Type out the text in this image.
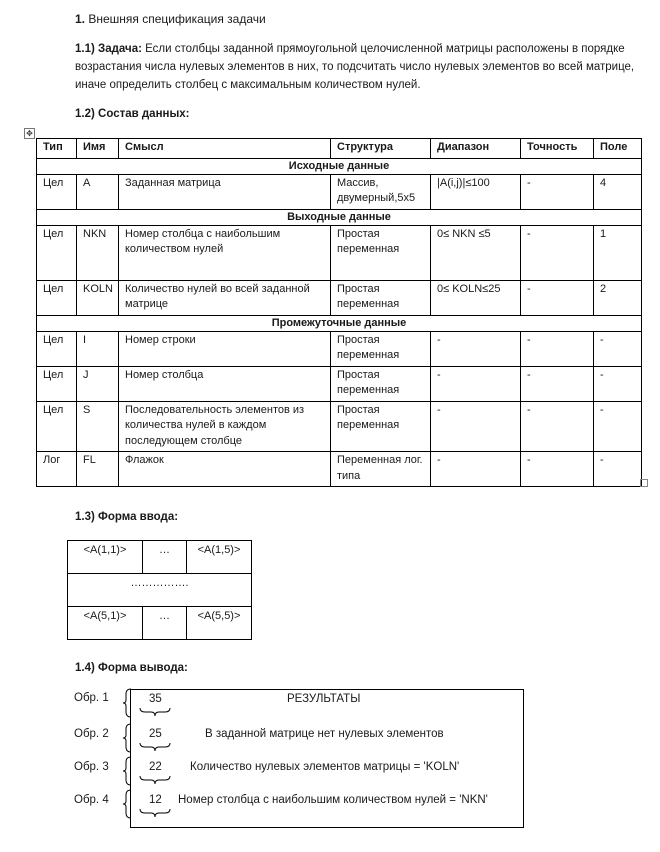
1. Внешняя спецификация задачи
1.1) Задача: Если столбцы заданной прямоугольной целочисленной матрицы расположены в порядке возрастания числа нулевых элементов в них, то подсчитать число нулевых элементов во всей матрице, иначе определить столбец с максимальным количеством нулей.
1.2) Состав данных:
✥
Тип	Имя	Смысл	Структура	Диапазон	Точность	Поле
Исходные данные						
Цел	A	Заданная матрица	Массив, двумерный,5x5	|A(i,j)|≤100	-	4
Выходные данные						
Цел	NKN	Номер столбца с наибольшим количеством нулей	Простая переменная	0≤ NKN ≤5	-	1
Цел	KOLN	Количество нулей во всей заданной матрице	Простая переменная	0≤ KOLN≤25	-	2
Промежуточные данные						
Цел	I	Номер строки	Простая переменная	-	-	-
Цел	J	Номер столбца	Простая переменная	-	-	-
Цел	S	Последовательность элементов из количества нулей в каждом последующем столбце	Простая переменная	-	-	-
Лог	FL	Флажок	Переменная лог. типа	-	-	-
1.3) Форма ввода:
<A(1,1)>	…	<A(1,5)>
…………….		
<A(5,1)>	…	<A(5,5)>
1.4) Форма вывода:
Обр. 1	35	РЕЗУЛЬТАТЫ
Обр. 2	25	В заданной матрице нет нулевых элементов
Обр. 3	22 Количество нулевых элементов матрицы = 'KOLN'
Обр. 4	12 Номер столбца с наибольшим количеством нулей = 'NKN'
